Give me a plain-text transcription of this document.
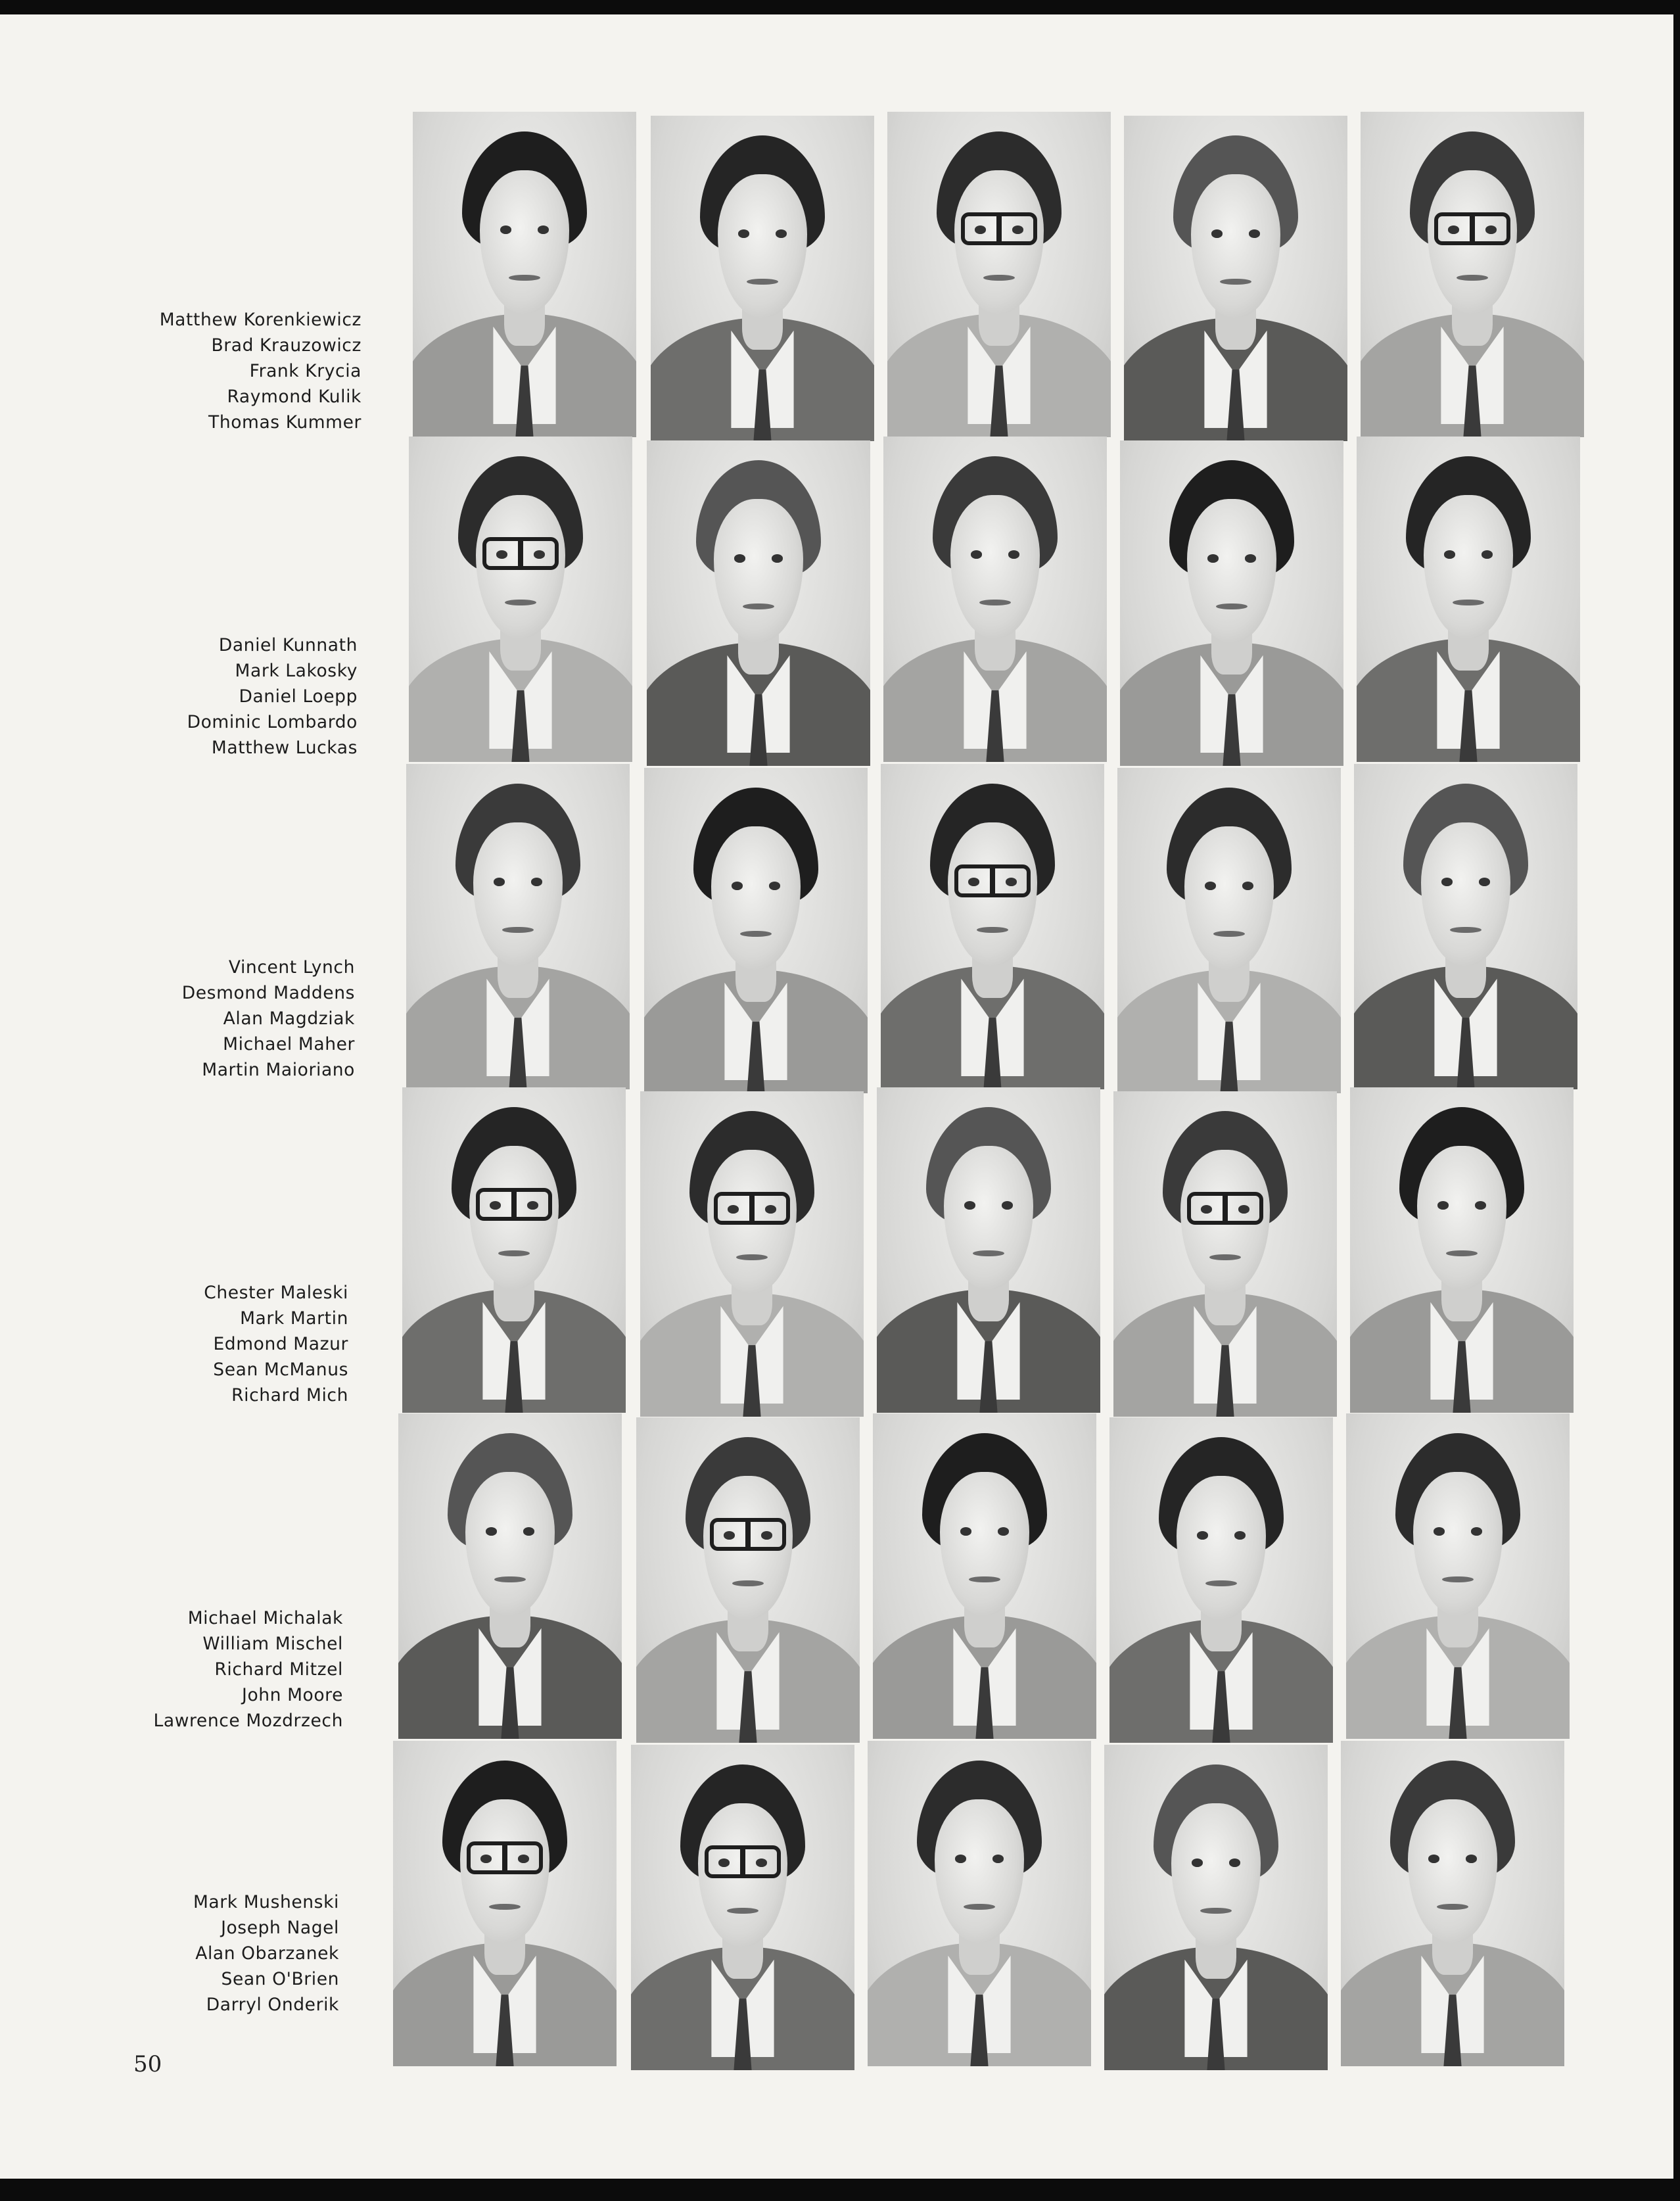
Matthew Korenkiewicz
Brad Krauzowicz
Frank Krycia
Raymond Kulik
Thomas Kummer
Daniel Kunnath
Mark Lakosky
Daniel Loepp
Dominic Lombardo
Matthew Luckas
Vincent Lynch
Desmond Maddens
Alan Magdziak
Michael Maher
Martin Maioriano
Chester Maleski
Mark Martin
Edmond Mazur
Sean McManus
Richard Mich
Michael Michalak
William Mischel
Richard Mitzel
John Moore
Lawrence Mozdrzech
Mark Mushenski
Joseph Nagel
Alan Obarzanek
Sean O'Brien
Darryl Onderik
50
